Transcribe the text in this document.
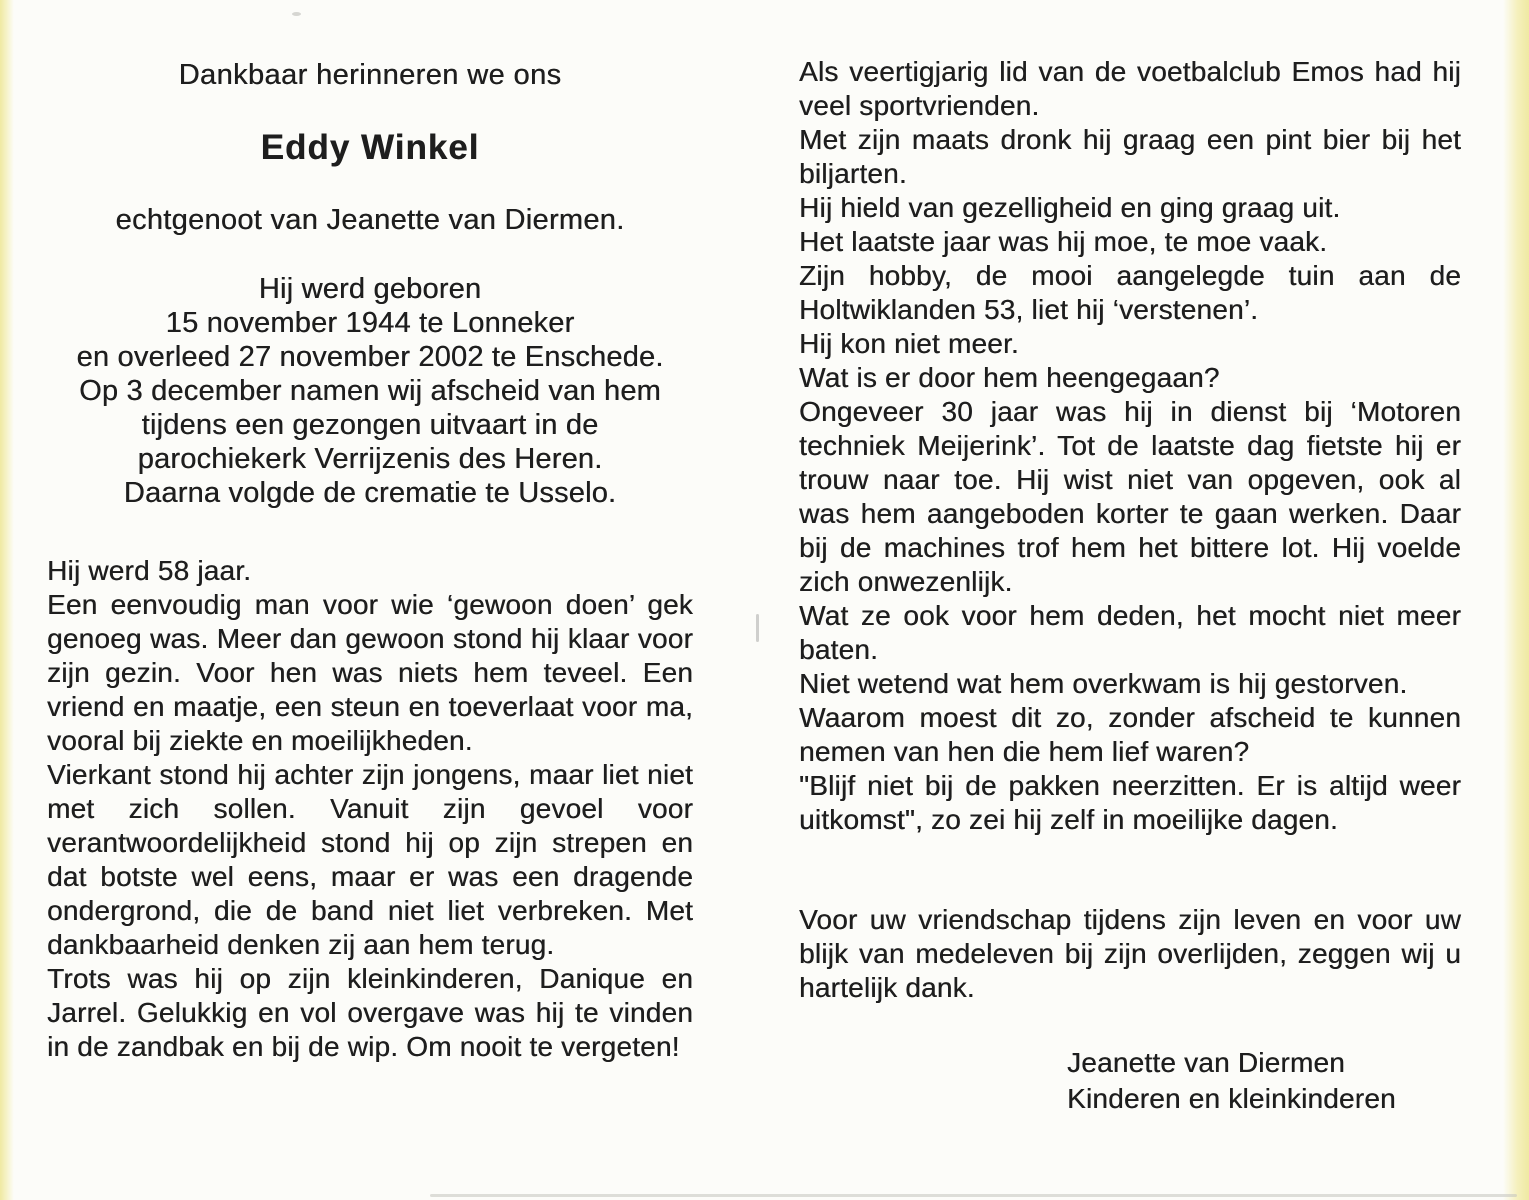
Dankbaar herinneren we ons
Eddy Winkel
echtgenoot van Jeanette van Diermen.
Hij werd geboren
15 november 1944 te Lonneker
en overleed 27 november 2002 te Enschede.
Op 3 december namen wij afscheid van hem
tijdens een gezongen uitvaart in de
parochiekerk Verrijzenis des Heren.
Daarna volgde de crematie te Usselo.
Hij werd 58 jaar.
Een eenvoudig man voor wie ‘gewoon doen’ gek genoeg was. Meer dan gewoon stond hij klaar voor zijn gezin. Voor hen was niets hem teveel. Een vriend en maatje, een steun en toeverlaat voor ma, vooral bij ziekte en moeilijkheden.
Vierkant stond hij achter zijn jongens, maar liet niet met zich sollen. Vanuit zijn gevoel voor verantwoordelijkheid stond hij op zijn strepen en dat botste wel eens, maar er was een dragende ondergrond, die de band niet liet verbreken. Met dankbaarheid denken zij aan hem terug.
Trots was hij op zijn kleinkinderen, Danique en Jarrel. Gelukkig en vol overgave was hij te vinden in de zandbak en bij de wip. Om nooit te vergeten!
Als veertigjarig lid van de voetbalclub Emos had hij veel sportvrienden.
Met zijn maats dronk hij graag een pint bier bij het biljarten.
Hij hield van gezelligheid en ging graag uit.
Het laatste jaar was hij moe, te moe vaak.
Zijn hobby, de mooi aangelegde tuin aan de Holtwiklanden 53, liet hij ‘verstenen’.
Hij kon niet meer.
Wat is er door hem heengegaan?
Ongeveer 30 jaar was hij in dienst bij ‘Motoren techniek Meijerink’. Tot de laatste dag fietste hij er trouw naar toe. Hij wist niet van opgeven, ook al was hem aangeboden korter te gaan werken. Daar bij de machines trof hem het bittere lot. Hij voelde zich onwezenlijk.
Wat ze ook voor hem deden, het mocht niet meer baten.
Niet wetend wat hem overkwam is hij gestorven.
Waarom moest dit zo, zonder afscheid te kunnen nemen van hen die hem lief waren?
"Blijf niet bij de pakken neerzitten. Er is altijd weer uitkomst", zo zei hij zelf in moeilijke dagen.
Voor uw vriendschap tijdens zijn leven en voor uw blijk van medeleven bij zijn overlijden, zeggen wij u hartelijk dank.
Jeanette van Diermen
Kinderen en kleinkinderen
